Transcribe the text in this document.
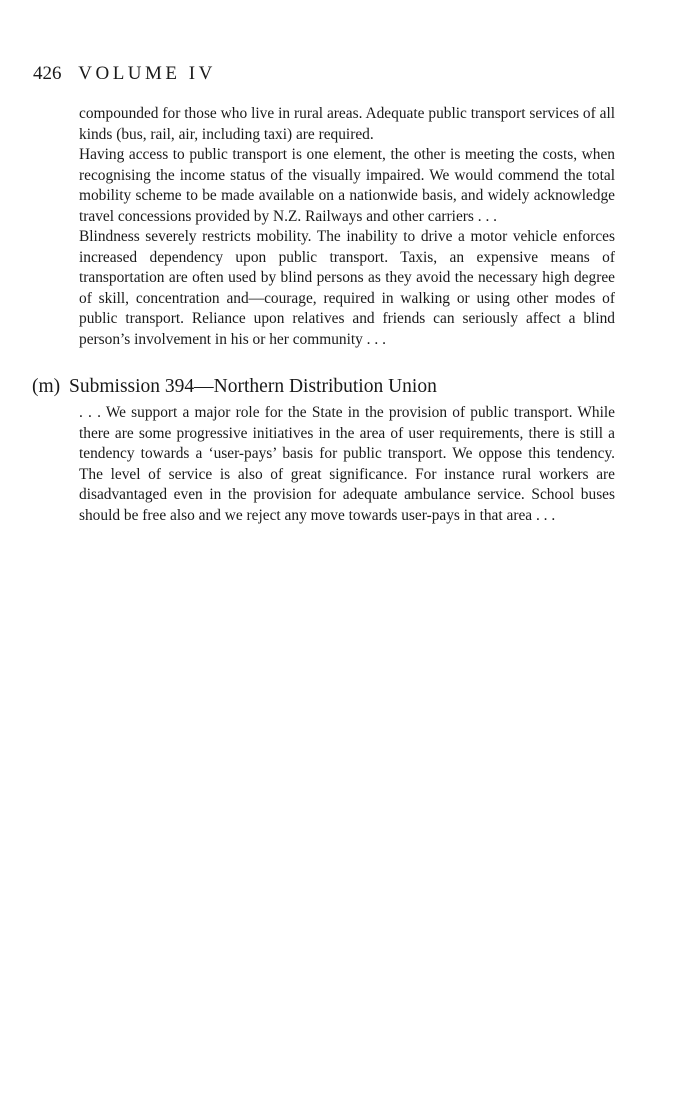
426 VOLUME IV

compounded for those who live in rural areas. Adequate public transport services of all kinds (bus, rail, air, including taxi) are required.

Having access to public transport is one element, the other is meeting the costs, when recognising the income status of the visually impaired. We would commend the total mobility scheme to be made available on a nationwide basis, and widely acknowledge travel concessions provided by N.Z. Railways and other carriers . . .

Blindness severely restricts mobility. The inability to drive a motor vehicle enforces increased dependency upon public transport. Taxis, an expensive means of transportation are often used by blind persons as they avoid the necessary high degree of skill, concentration and—courage, required in walking or using other modes of public transport. Reliance upon relatives and friends can seriously affect a blind person’s involvement in his or her community . . .

(m) Submission 394—Northern Distribution Union

. . . We support a major role for the State in the provision of public transport. While there are some progressive initiatives in the area of user requirements, there is still a tendency towards a ‘user-pays’ basis for public transport. We oppose this tendency. The level of service is also of great significance. For instance rural workers are disadvantaged even in the provision for adequate ambulance service. School buses should be free also and we reject any move towards user-pays in that area . . .
